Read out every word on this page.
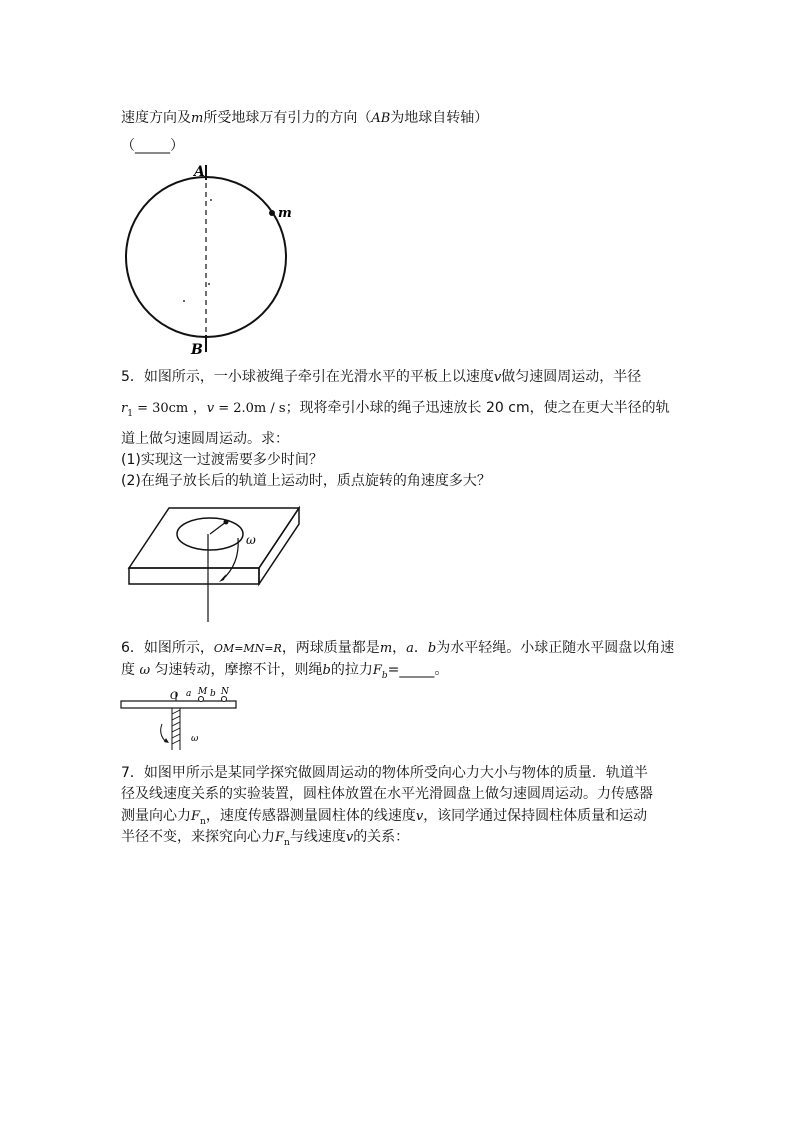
速度方向及m所受地球万有引力的方向（AB为地球自转轴）
（_____）
A
B
m
5．如图所示，一小球被绳子牵引在光滑水平的平板上以速度v做匀速圆周运动，半径
$r_1 = 30cm$ ，v = 2.0m / s；现将牵引小球的绳子迅速放长 20 cm，使之在更大半径的轨
道上做匀速圆周运动。求：
(1)实现这一过渡需要多少时间？
(2)在绳子放长后的轨道上运动时，质点旋转的角速度多大？
ω
6．如图所示，OM=MN=R，两球质量都是m，a．b为水平轻绳。小球正随水平圆盘以角速
度 ω 匀速转动，摩擦不计，则绳b的拉力$F_b=\_\_\_\_\_$。
O a M b N
ω
7．如图甲所示是某同学探究做圆周运动的物体所受向心力大小与物体的质量．轨道半
径及线速度关系的实验装置，圆柱体放置在水平光滑圆盘上做匀速圆周运动。力传感器
测量向心力$F_n$，速度传感器测量圆柱体的线速度v，该同学通过保持圆柱体质量和运动
半径不变，来探究向心力$F_n$与线速度v的关系：
